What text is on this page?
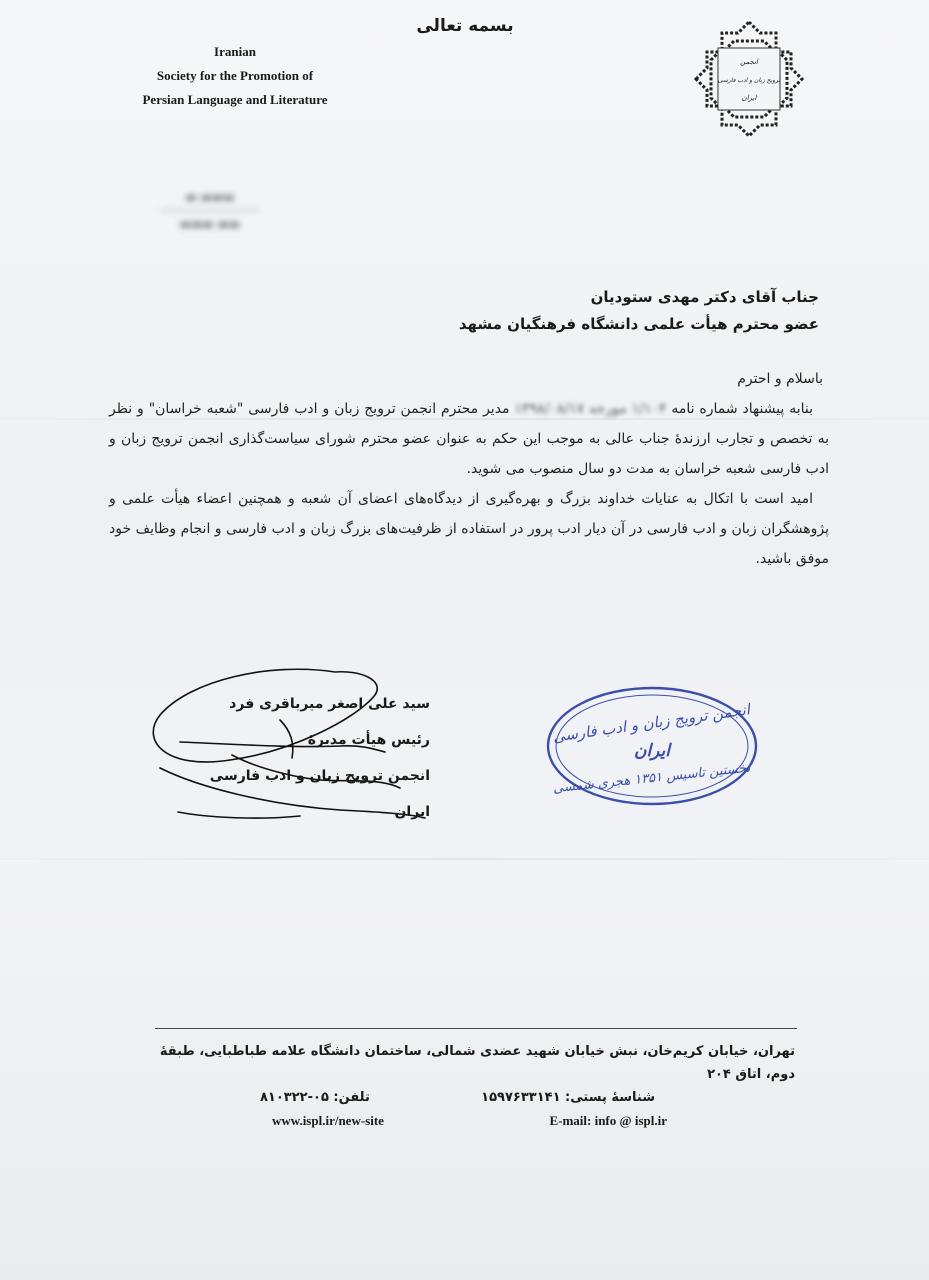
بسمه تعالی
Iranian
Society for the Promotion of
Persian Language and Literature
انجمن
ترویج زبان و ادب فارسی
ایران
▬ ▬▬▬
▬▬▬ ▬▬
جناب آقای دکتر مهدی ستودیان
عضو محترم هیأت علمی دانشگاه فرهنگیان مشهد

باسلام و احترم

بنابه پیشنهاد شماره نامه ۱/۱۰۴ مورخه ۱۳۹۸/۰۸/۱۷ مدیر محترم انجمن ترویج زبان و ادب فارسی "شعبه خراسان" و نظر به تخصص و تجارب ارزندهٔ جناب عالی به موجب این حکم به عنوان عضو محترم شورای سیاست‌گذاری انجمن ترویج زبان و ادب فارسی شعبه خراسان به مدت دو سال منصوب می شوید.

امید است با اتکال به عنایات خداوند بزرگ و بهره‌گیری از دیدگاه‌های اعضای آن شعبه و همچنین اعضاء هیأت علمی و پژوهشگران زبان و ادب فارسی در آن دیار ادب پرور در استفاده از ظرفیت‌های بزرگ زبان و ادب فارسی و انجام وظایف خود موفق باشید.

سید علی اصغر میرباقری فرد
رئیس هیأت مدیرهٔ
انجمن ترویج زبان و ادب فارسی ایران
انجمن ترویج زبان و ادب فارسی
ایران
نخستین تاسیس ۱۳۵۱ هجری شمسی
تهران، خیابان کریم‌خان، نبش خیابان شهید عضدی شمالی، ساختمان دانشگاه علامه طباطبایی، طبقهٔ دوم، اتاق ۲۰۴
تلفن: ۰۵-۸۱۰۳۲۲	شناسهٔ پستی: ۱۵۹۷۶۳۳۱۴۱
www.ispl.ir/new-site	E-mail: info @ ispl.ir
